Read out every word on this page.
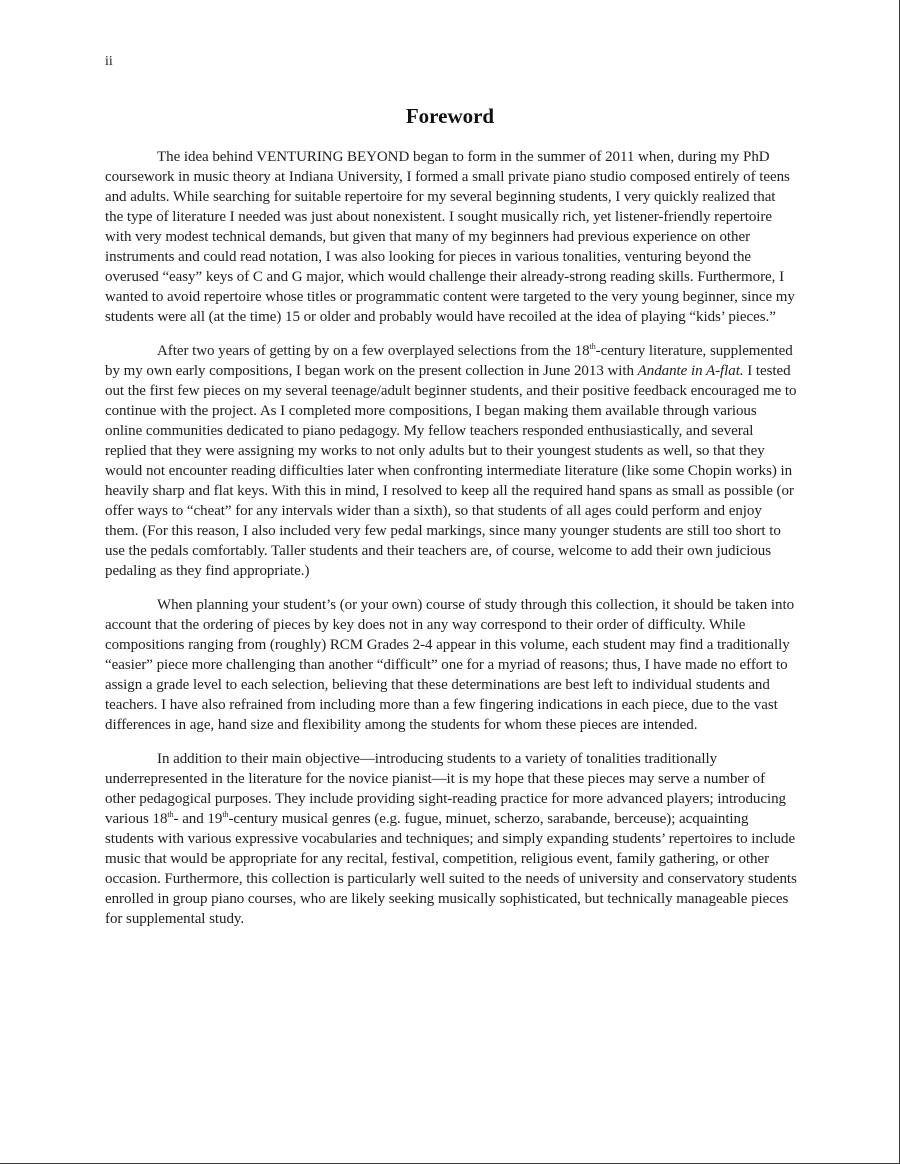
ii
Foreword

The idea behind VENTURING BEYOND began to form in the summer of 2011 when, during my PhD coursework in music theory at Indiana University, I formed a small private piano studio composed entirely of teens and adults. While searching for suitable repertoire for my several beginning students, I very quickly realized that the type of literature I needed was just about nonexistent. I sought musically rich, yet listener-friendly repertoire with very modest technical demands, but given that many of my beginners had previous experience on other instruments and could read notation, I was also looking for pieces in various tonalities, venturing beyond the overused “easy” keys of C and G major, which would challenge their already-strong reading skills. Furthermore, I wanted to avoid repertoire whose titles or programmatic content were targeted to the very young beginner, since my students were all (at the time) 15 or older and probably would have recoiled at the idea of playing “kids’ pieces.”

After two years of getting by on a few overplayed selections from the 18th-century literature, supplemented by my own early compositions, I began work on the present collection in June 2013 with Andante in A-flat. I tested out the first few pieces on my several teenage/adult beginner students, and their positive feedback encouraged me to continue with the project. As I completed more compositions, I began making them available through various online communities dedicated to piano pedagogy. My fellow teachers responded enthusiastically, and several replied that they were assigning my works to not only adults but to their youngest students as well, so that they would not encounter reading difficulties later when confronting intermediate literature (like some Chopin works) in heavily sharp and flat keys. With this in mind, I resolved to keep all the required hand spans as small as possible (or offer ways to “cheat” for any intervals wider than a sixth), so that students of all ages could perform and enjoy them. (For this reason, I also included very few pedal markings, since many younger students are still too short to use the pedals comfortably. Taller students and their teachers are, of course, welcome to add their own judicious pedaling as they find appropriate.)

When planning your student’s (or your own) course of study through this collection, it should be taken into account that the ordering of pieces by key does not in any way correspond to their order of difficulty. While compositions ranging from (roughly) RCM Grades 2-4 appear in this volume, each student may find a traditionally “easier” piece more challenging than another “difficult” one for a myriad of reasons; thus, I have made no effort to assign a grade level to each selection, believing that these determinations are best left to individual students and teachers. I have also refrained from including more than a few fingering indications in each piece, due to the vast differences in age, hand size and flexibility among the students for whom these pieces are intended.

In addition to their main objective—introducing students to a variety of tonalities traditionally underrepresented in the literature for the novice pianist—it is my hope that these pieces may serve a number of other pedagogical purposes. They include providing sight-reading practice for more advanced players; introducing various 18th- and 19th-century musical genres (e.g. fugue, minuet, scherzo, sarabande, berceuse); acquainting students with various expressive vocabularies and techniques; and simply expanding students’ repertoires to include music that would be appropriate for any recital, festival, competition, religious event, family gathering, or other occasion. Furthermore, this collection is particularly well suited to the needs of university and conservatory students enrolled in group piano courses, who are likely seeking musically sophisticated, but technically manageable pieces for supplemental study.
